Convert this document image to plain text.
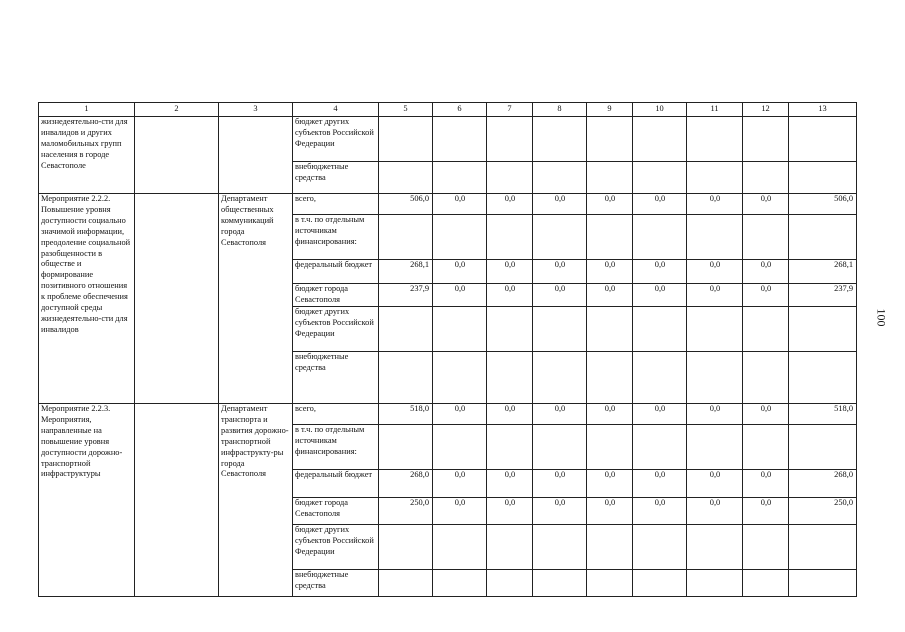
1	2	3	4	5	6	7	8	9	10	11	12	13
жизнедеятельно-сти для инвалидов и других маломобильных групп населения в городе Севастополе			бюджет других субъектов Российской Федерации									
			внебюджетные средства									
Мероприятие 2.2.2. Повышение уровня доступности социально значимой информации, преодоление социальной разобщенности в обществе и формирование позитивного отношения к проблеме обеспечения доступной среды жизнедеятельно-сти для инвалидов		Департамент общественных коммуникаций города Севастополя	всего,	506,0	0,0	0,0	0,0	0,0	0,0	0,0	0,0	506,0
			в т.ч. по отдельным источникам финансирования:									
			федеральный бюджет	268,1	0,0	0,0	0,0	0,0	0,0	0,0	0,0	268,1
			бюджет города Севастополя	237,9	0,0	0,0	0,0	0,0	0,0	0,0	0,0	237,9
			бюджет других субъектов Российской Федерации									
			внебюджетные средства									
Мероприятие 2.2.3. Мероприятия, направленные на повышение уровня доступности дорожно-транспортной инфраструктуры		Департамент транспорта и развития дорожно-транспортной инфраструкту-ры города Севастополя	всего,	518,0	0,0	0,0	0,0	0,0	0,0	0,0	0,0	518,0
			в т.ч. по отдельным источникам финансирования:									
			федеральный бюджет	268,0	0,0	0,0	0,0	0,0	0,0	0,0	0,0	268,0
			бюджет города Севастополя	250,0	0,0	0,0	0,0	0,0	0,0	0,0	0,0	250,0
			бюджет других субъектов Российской Федерации									
			внебюджетные средства									
100
